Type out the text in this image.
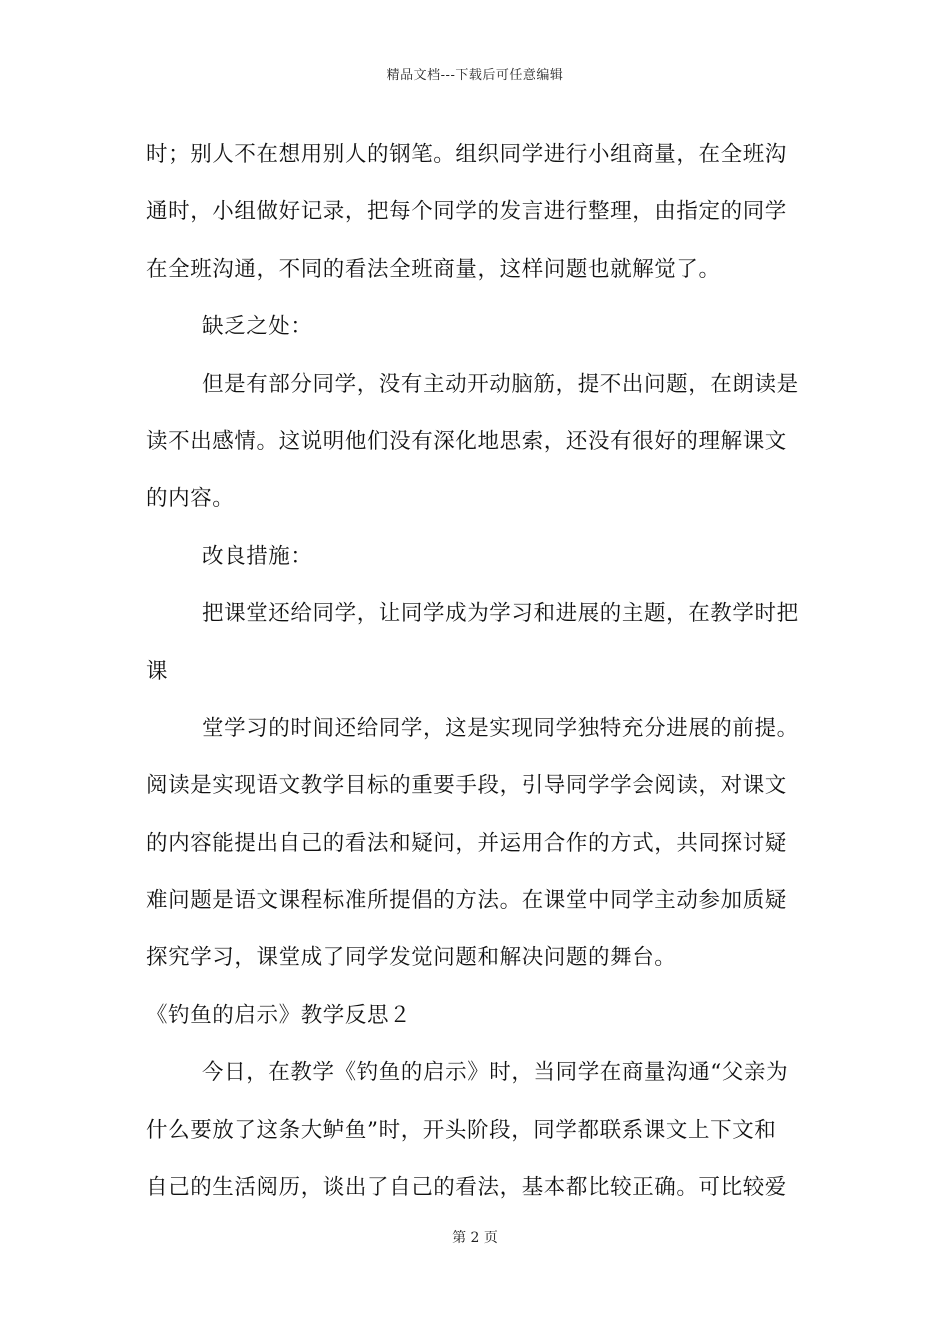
精品文档---下载后可任意编辑
时；别人不在想用别人的钢笔。组织同学进行小组商量，在全班沟
通时，小组做好记录，把每个同学的发言进行整理，由指定的同学
在全班沟通，不同的看法全班商量，这样问题也就解觉了。
缺乏之处：
但是有部分同学，没有主动开动脑筋，提不出问题，在朗读是
读不出感情。这说明他们没有深化地思索，还没有很好的理解课文
的内容。
改良措施：
把课堂还给同学，让同学成为学习和进展的主题，在教学时把
课
堂学习的时间还给同学，这是实现同学独特充分进展的前提。
阅读是实现语文教学目标的重要手段，引导同学学会阅读，对课文
的内容能提出自己的看法和疑问，并运用合作的方式，共同探讨疑
难问题是语文课程标准所提倡的方法。在课堂中同学主动参加质疑
探究学习，课堂成了同学发觉问题和解决问题的舞台。
《钓鱼的启示》教学反思２
今日，在教学《钓鱼的启示》时，当同学在商量沟通“父亲为
什么要放了这条大鲈鱼”时，开头阶段，同学都联系课文上下文和
自己的生活阅历，谈出了自己的看法，基本都比较正确。可比较爱
第 2 页
